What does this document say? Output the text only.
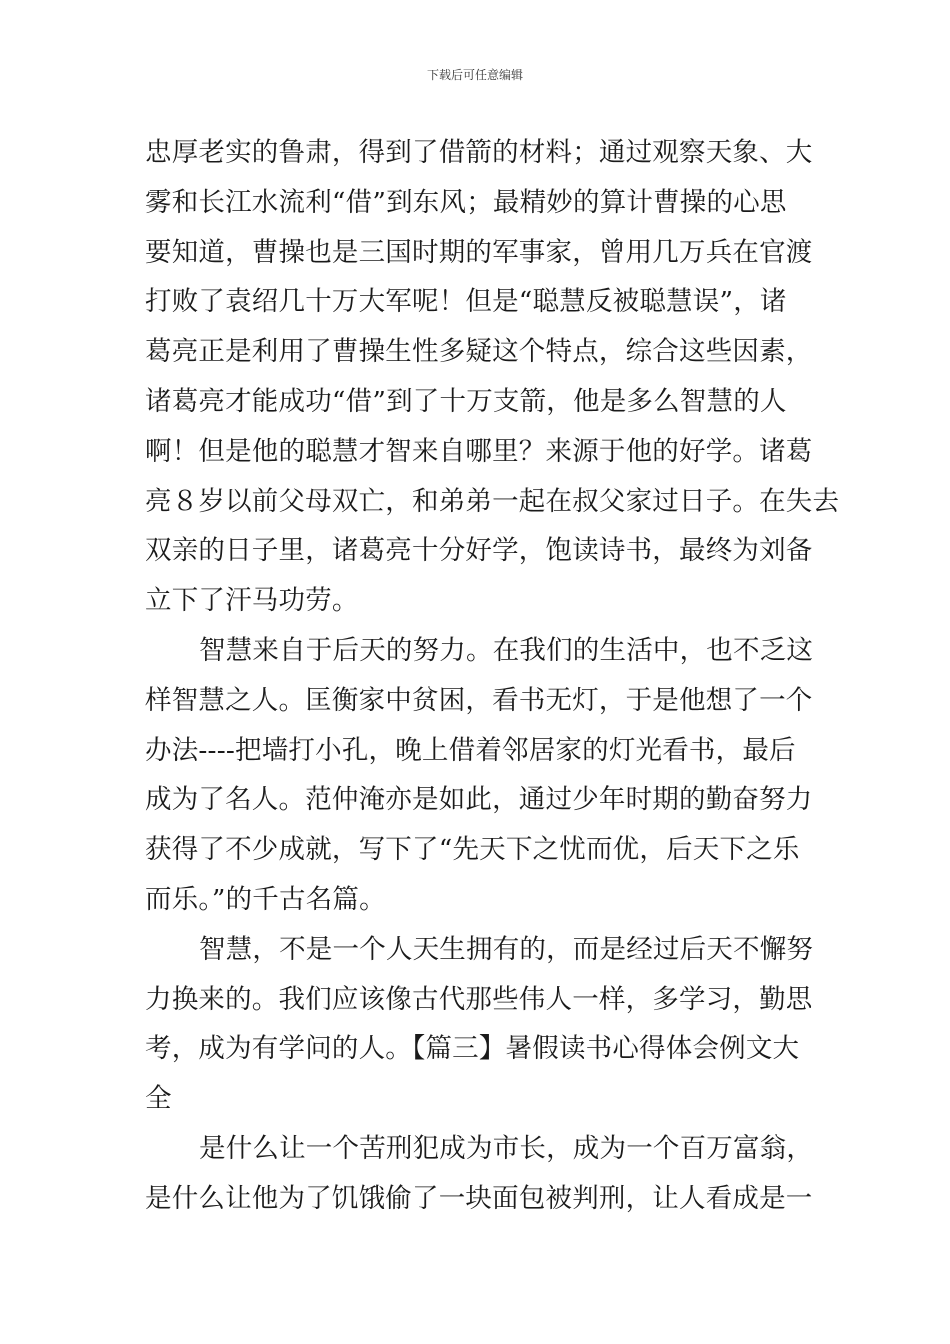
下载后可任意编辑
忠厚老实的鲁肃，得到了借箭的材料；通过观察天象、大
雾和长江水流利“借”到东风；最精妙的算计曹操的心思
要知道，曹操也是三国时期的军事家，曾用几万兵在官渡
打败了袁绍几十万大军呢！但是“聪慧反被聪慧误”，诸
葛亮正是利用了曹操生性多疑这个特点，综合这些因素，
诸葛亮才能成功“借”到了十万支箭，他是多么智慧的人
啊！但是他的聪慧才智来自哪里？来源于他的好学。诸葛
亮８岁以前父母双亡，和弟弟一起在叔父家过日子。在失去
双亲的日子里，诸葛亮十分好学，饱读诗书，最终为刘备
立下了汗马功劳。
智慧来自于后天的努力。在我们的生活中，也不乏这
样智慧之人。匡衡家中贫困，看书无灯，于是他想了一个
办法----把墙打小孔，晚上借着邻居家的灯光看书，最后
成为了名人。范仲淹亦是如此，通过少年时期的勤奋努力
获得了不少成就，写下了“先天下之忧而优，后天下之乐
而乐。”的千古名篇。
智慧，不是一个人天生拥有的，而是经过后天不懈努
力换来的。我们应该像古代那些伟人一样，多学习，勤思
考，成为有学问的人。【篇三】暑假读书心得体会例文大
全
是什么让一个苦刑犯成为市长，成为一个百万富翁，
是什么让他为了饥饿偷了一块面包被判刑，让人看成是一
